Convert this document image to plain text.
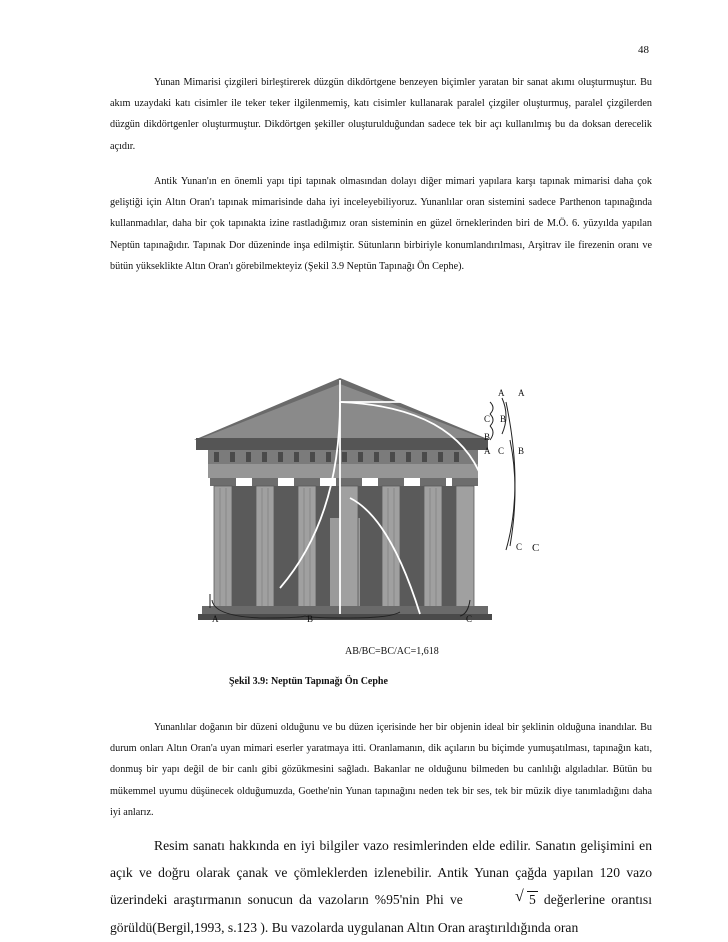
48

Yunan Mimarisi çizgileri birleştirerek düzgün dikdörtgene benzeyen biçimler yaratan bir sanat akımı oluşturmuştur. Bu akım uzaydaki katı cisimler ile teker teker ilgilenmemiş, katı cisimler kullanarak paralel çizgiler oluşturmuş, paralel çizgilerden düzgün dikdörtgenler oluşturmuştur. Dikdörtgen şekiller oluşturulduğundan sadece tek bir açı kullanılmış bu da doksan derecelik açıdır.

Antik Yunan'ın en önemli yapı tipi tapınak olmasından dolayı diğer mimari yapılara karşı tapınak mimarisi daha çok geliştiği için Altın Oran'ı tapınak mimarisinde daha iyi inceleyebiliyoruz. Yunanlılar oran sistemini sadece Parthenon tapınağında kullanmadılar, daha bir çok tapınakta izine rastladığımız oran sisteminin en güzel örneklerinden biri de M.Ö. 6. yüzyılda yapılan Neptün tapınağıdır. Tapınak Dor düzeninde inşa edilmiştir. Sütunların birbiriyle konumlandırılması, Arşitrav ile firezenin oranı ve bütün yükseklikte Altın Oran'ı görebilmekteyiz (Şekil 3.9 Neptün Tapınağı Ön Cephe).

A A
C B
B
A C B
C C
A	B	C
AB/BC=BC/AC=1,618
Şekil 3.9: Neptün Tapınağı Ön Cephe

Yunanlılar doğanın bir düzeni olduğunu ve bu düzen içerisinde her bir objenin ideal bir şeklinin olduğuna inandılar. Bu durum onları Altın Oran'a uyan mimari eserler yaratmaya itti. Oranlamanın, dik açıların bu biçimde yumuşatılması, tapınağın katı, donmuş bir yapı değil de bir canlı gibi gözükmesini sağladı. Bakanlar ne olduğunu bilmeden bu canlılığı algıladılar. Bütün bu mükemmel uyumu düşünecek olduğumuzda, Goethe'nin Yunan tapınağını neden tek bir ses, tek bir müzik diye tanımladığını daha iyi anlarız.

Resim sanatı hakkında en iyi bilgiler vazo resimlerinden elde edilir. Sanatın gelişimini en açık ve doğru olarak çanak ve çömleklerden izlenebilir. Antik Yunan çağda yapılan 120 vazo üzerindeki araştırmanın sonucun da vazoların %95'nin Phi ve √	5 değerlerine orantısı görüldü(Bergil,1993, s.123 ). Bu vazolarda uygulanan Altın Oran araştırıldığında oran
